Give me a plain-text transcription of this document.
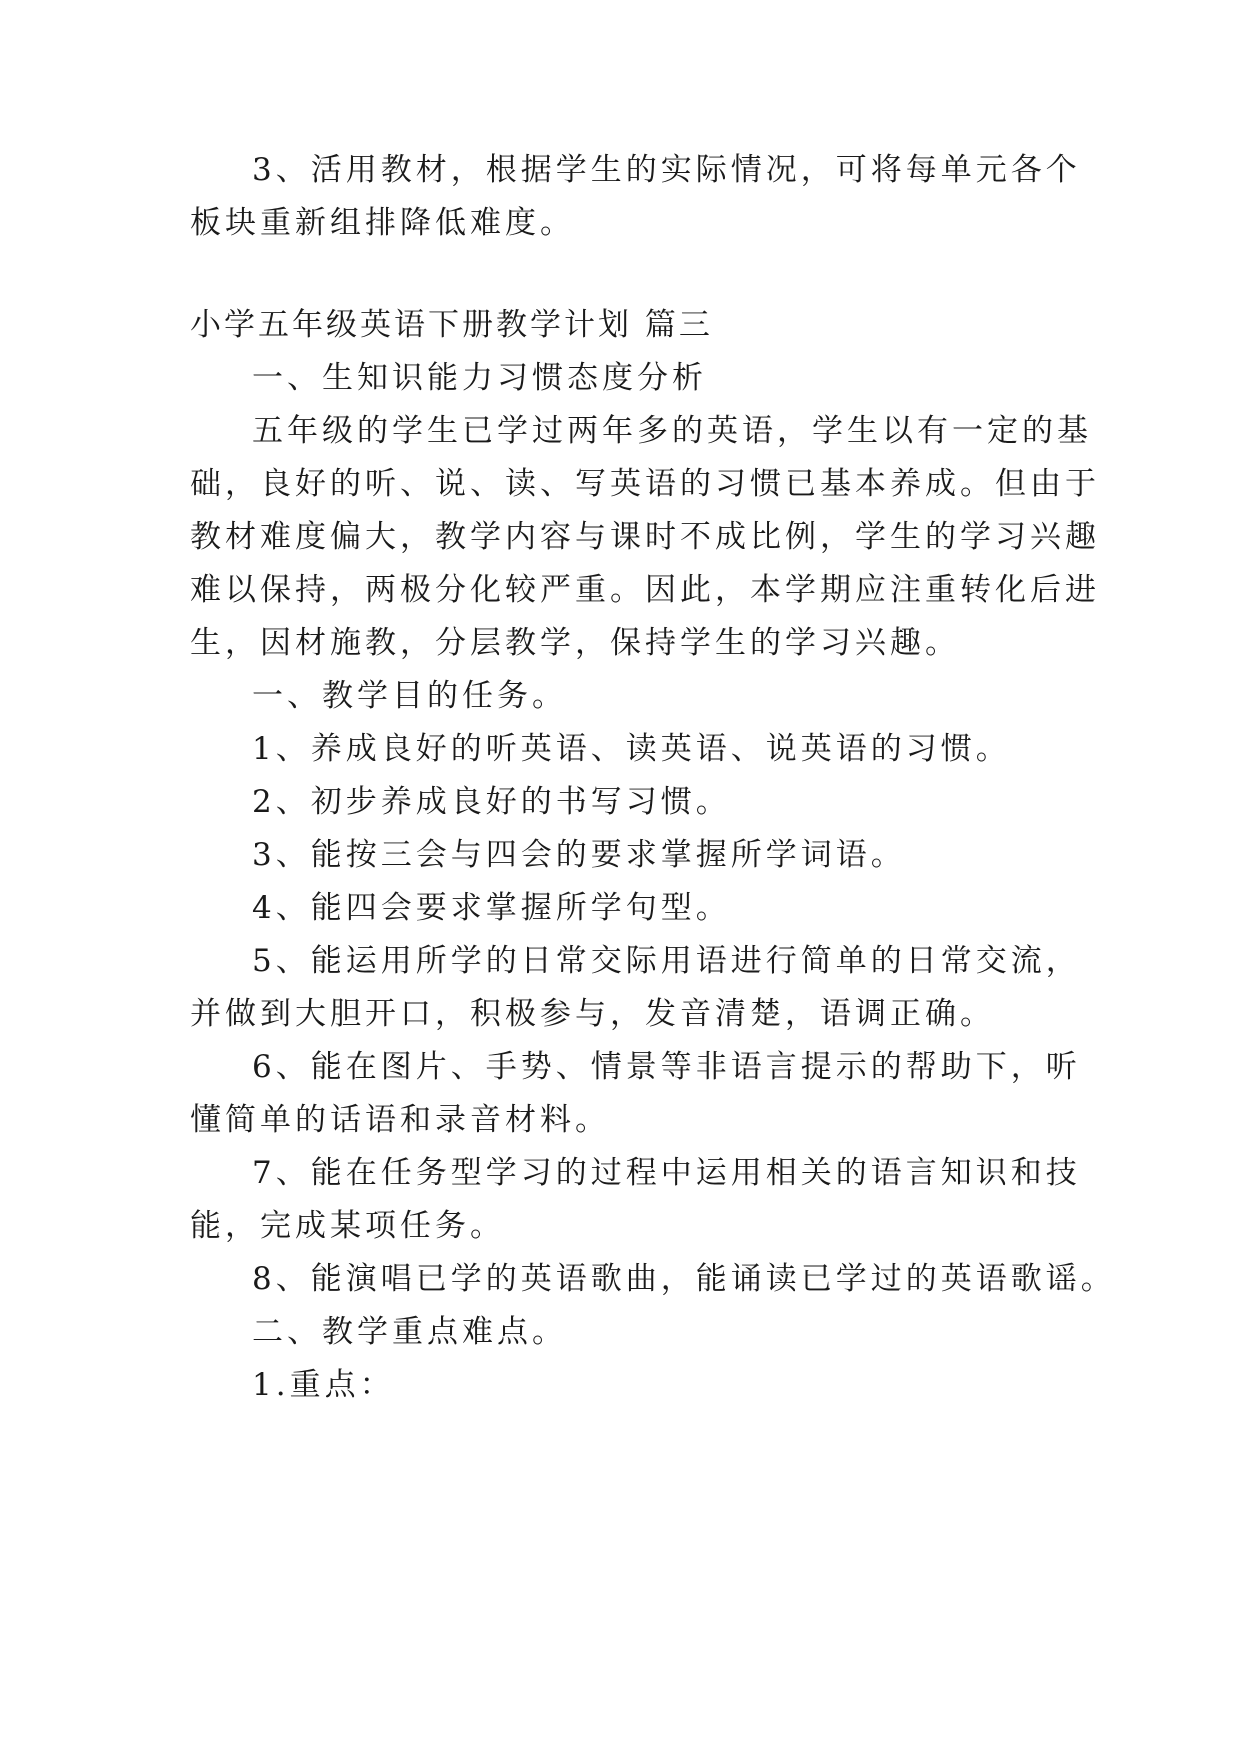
3、活用教材，根据学生的实际情况，可将每单元各个
板块重新组排降低难度。
小学五年级英语下册教学计划 篇三
一、生知识能力习惯态度分析
五年级的学生已学过两年多的英语，学生以有一定的基
础，良好的听、说、读、写英语的习惯已基本养成。但由于
教材难度偏大，教学内容与课时不成比例，学生的学习兴趣
难以保持，两极分化较严重。因此，本学期应注重转化后进
生，因材施教，分层教学，保持学生的学习兴趣。
一、教学目的任务。
1、养成良好的听英语、读英语、说英语的习惯。
2、初步养成良好的书写习惯。
3、能按三会与四会的要求掌握所学词语。
4、能四会要求掌握所学句型。
5、能运用所学的日常交际用语进行简单的日常交流，
并做到大胆开口，积极参与，发音清楚，语调正确。
6、能在图片、手势、情景等非语言提示的帮助下，听
懂简单的话语和录音材料。
7、能在任务型学习的过程中运用相关的语言知识和技
能，完成某项任务。
8、能演唱已学的英语歌曲，能诵读已学过的英语歌谣。
二、教学重点难点。
1.重点：
